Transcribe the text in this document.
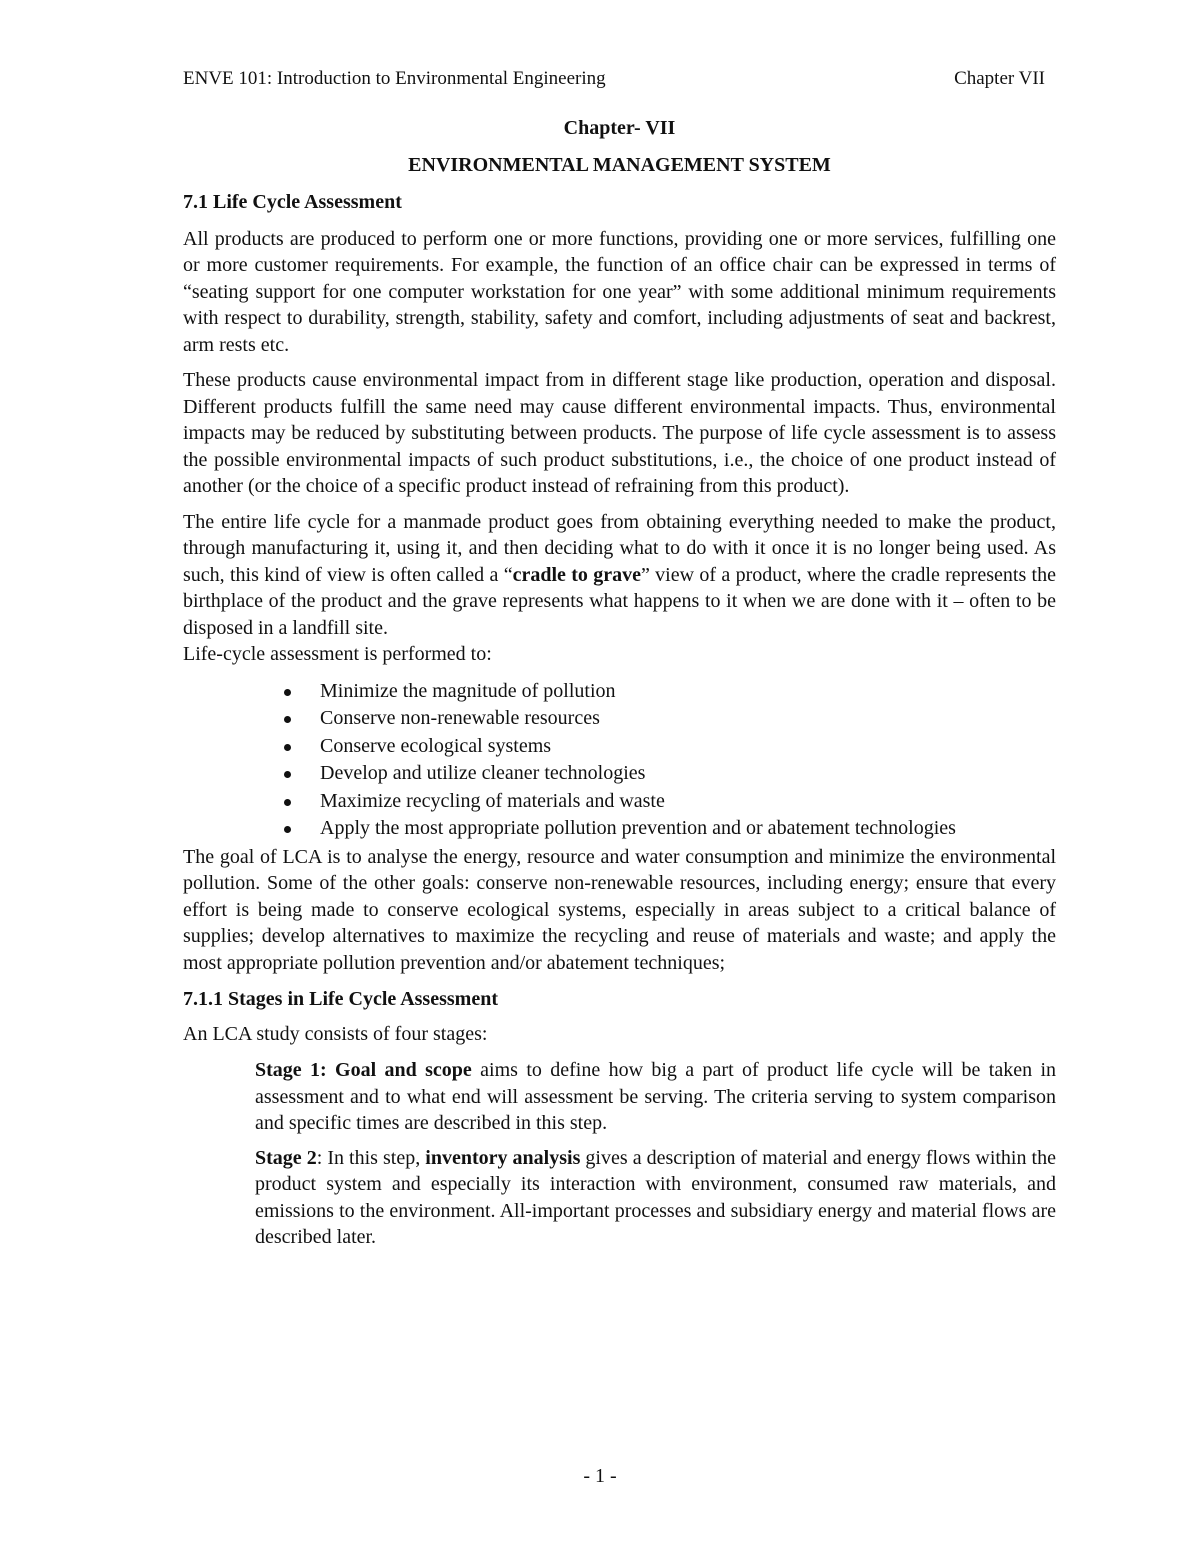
ENVE 101: Introduction to Environmental Engineering	Chapter VII

Chapter- VII

ENVIRONMENTAL MANAGEMENT SYSTEM

7.1 Life Cycle Assessment

All products are produced to perform one or more functions, providing one or more services, fulfilling one or more customer requirements. For example, the function of an office chair can be expressed in terms of “seating support for one computer workstation for one year” with some additional minimum requirements with respect to durability, strength, stability, safety and comfort, including adjustments of seat and backrest, arm rests etc.

These products cause environmental impact from in different stage like production, operation and disposal. Different products fulfill the same need may cause different environmental impacts. Thus, environmental impacts may be reduced by substituting between products. The purpose of life cycle assessment is to assess the possible environmental impacts of such product substitutions, i.e., the choice of one product instead of another (or the choice of a specific product instead of refraining from this product).

The entire life cycle for a manmade product goes from obtaining everything needed to make the product, through manufacturing it, using it, and then deciding what to do with it once it is no longer being used. As such, this kind of view is often called a “cradle to grave” view of a product, where the cradle represents the birthplace of the product and the grave represents what happens to it when we are done with it – often to be disposed in a landfill site.

Life-cycle assessment is performed to:

Minimize the magnitude of pollution
Conserve non-renewable resources
Conserve ecological systems
Develop and utilize cleaner technologies
Maximize recycling of materials and waste
Apply the most appropriate pollution prevention and or abatement technologies

The goal of LCA is to analyse the energy, resource and water consumption and minimize the environmental pollution. Some of the other goals: conserve non-renewable resources, including energy; ensure that every effort is being made to conserve ecological systems, especially in areas subject to a critical balance of supplies; develop alternatives to maximize the recycling and reuse of materials and waste; and apply the most appropriate pollution prevention and/or abatement techniques;

7.1.1 Stages in Life Cycle Assessment

An LCA study consists of four stages:

Stage 1: Goal and scope aims to define how big a part of product life cycle will be taken in assessment and to what end will assessment be serving. The criteria serving to system comparison and specific times are described in this step.

Stage 2: In this step, inventory analysis gives a description of material and energy flows within the product system and especially its interaction with environment, consumed raw materials, and emissions to the environment. All-important processes and subsidiary energy and material flows are described later.

- 1 -
